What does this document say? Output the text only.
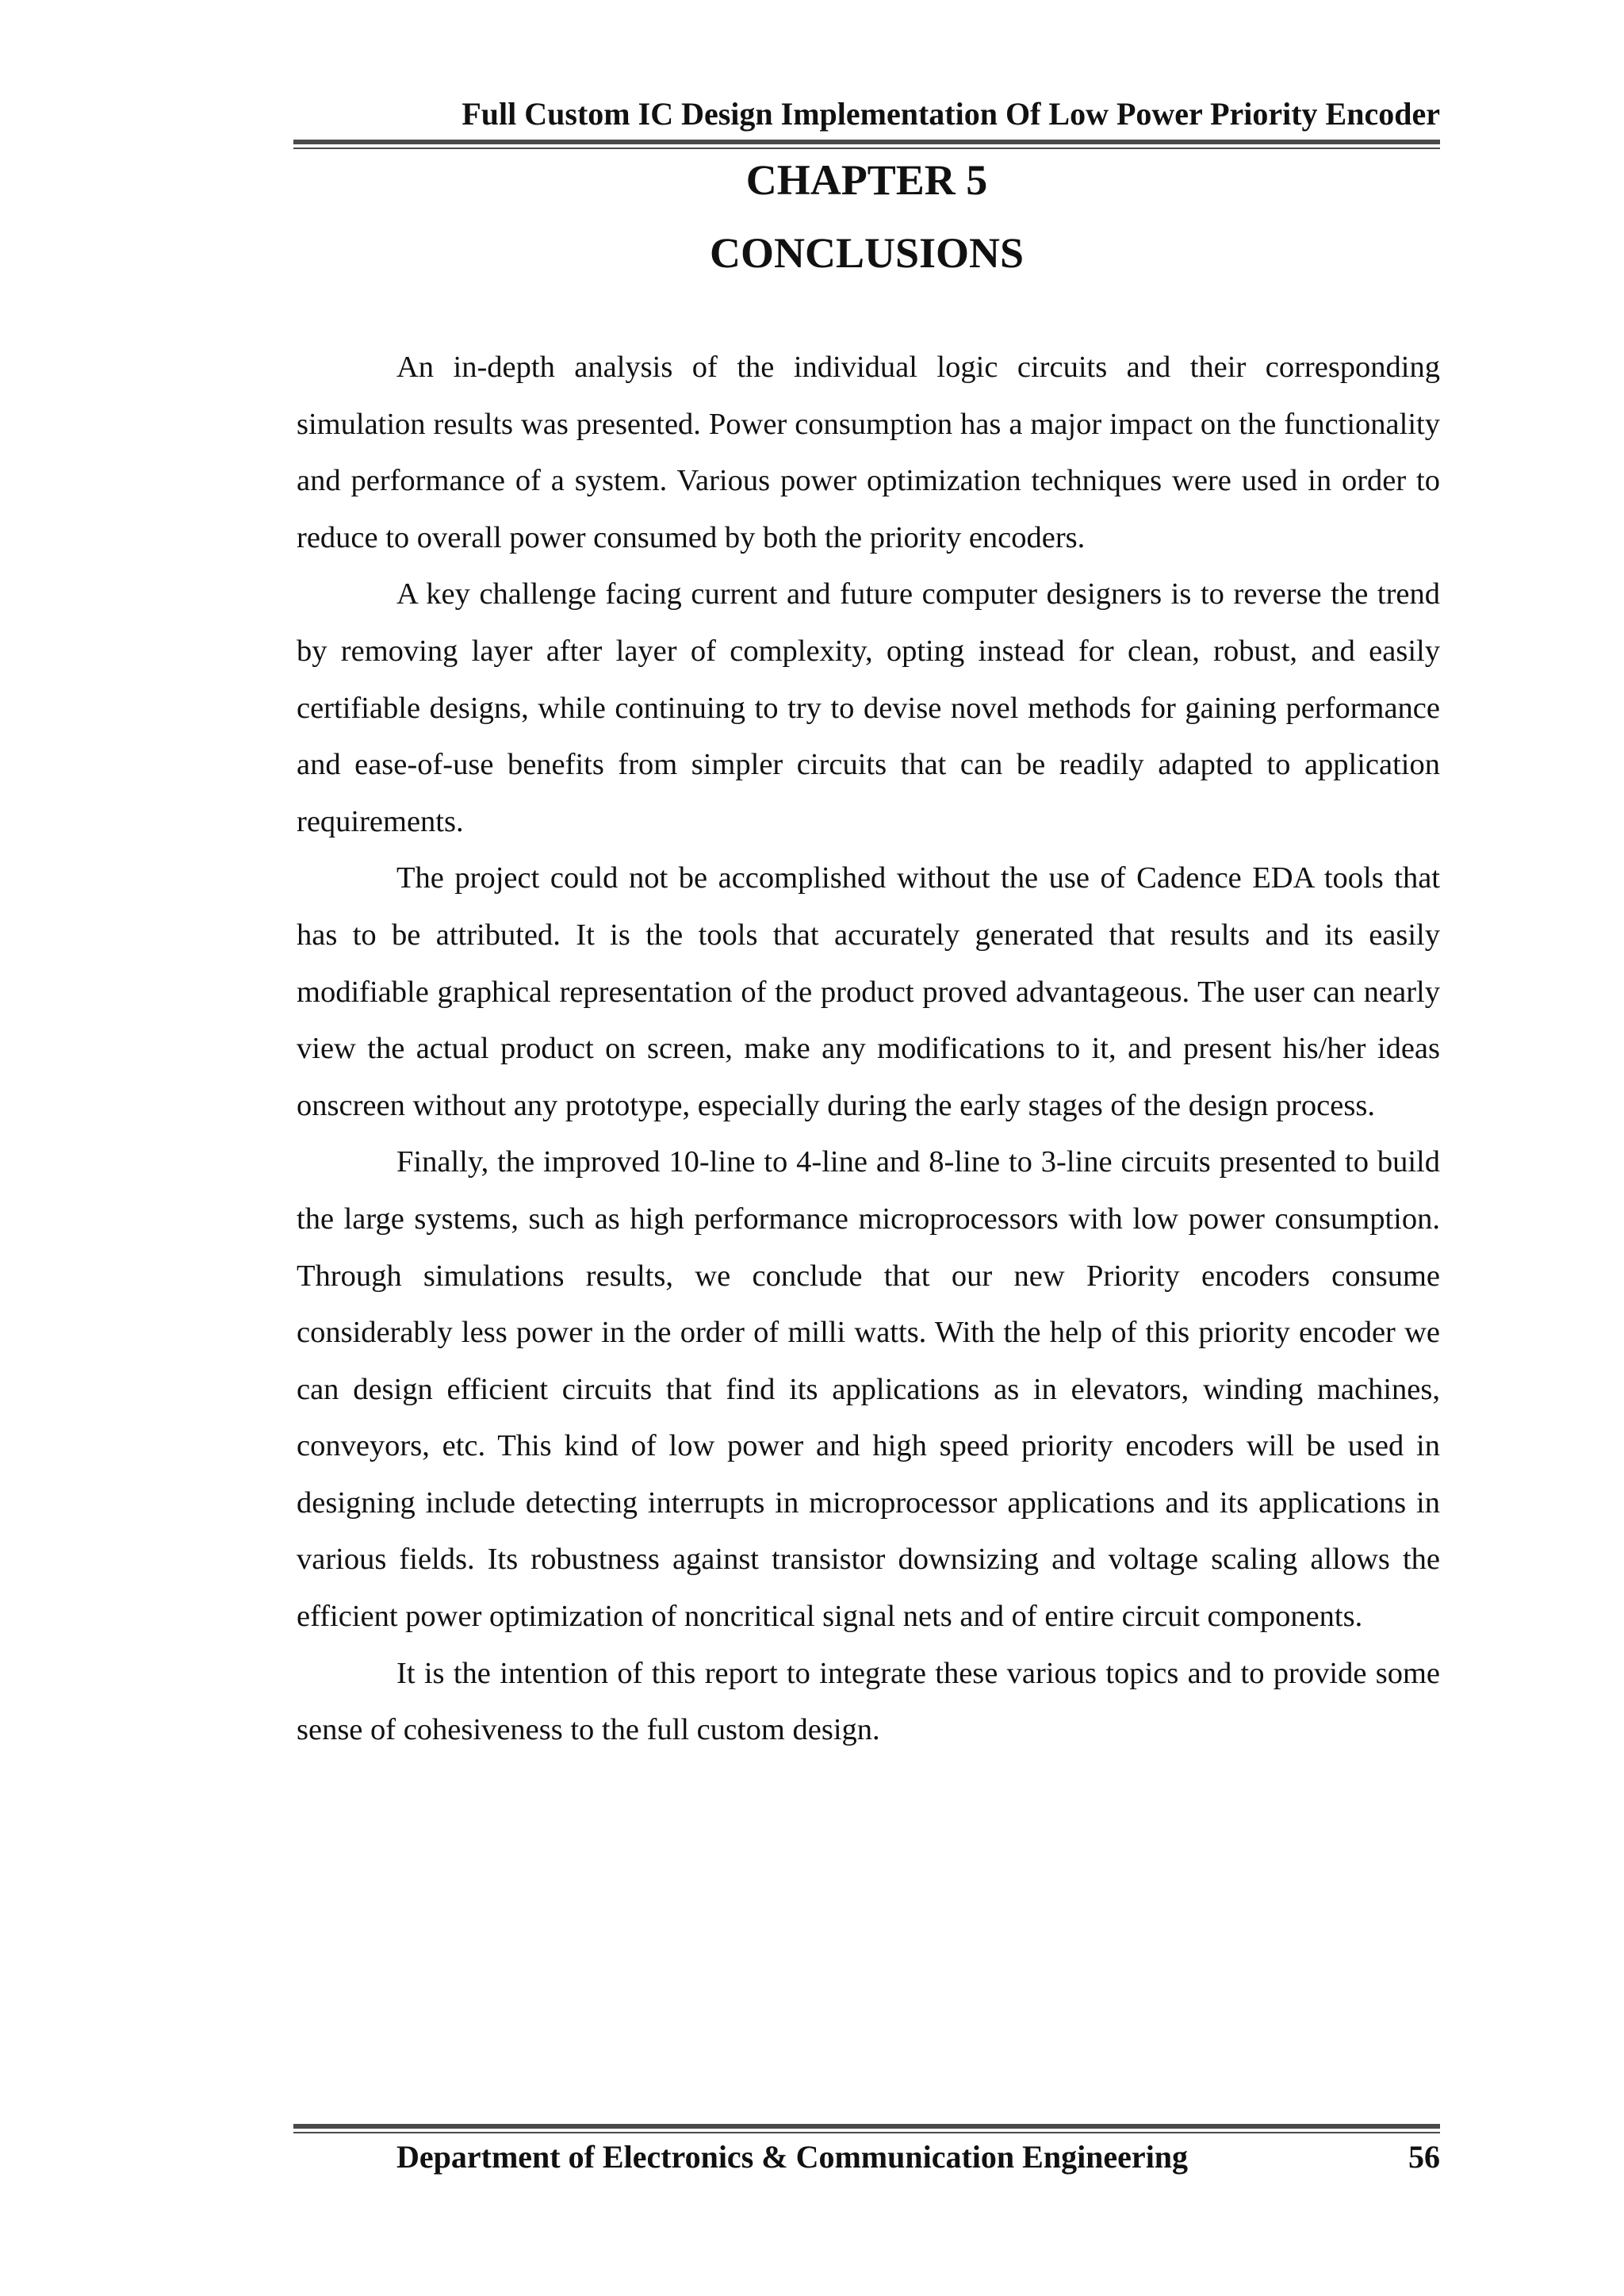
Full Custom IC Design Implementation Of Low Power Priority Encoder

CHAPTER 5
CONCLUSIONS

An in-depth analysis of the individual logic circuits and their corresponding simulation results was presented. Power consumption has a major impact on the functionality and performance of a system. Various power optimization techniques were used in order to reduce to overall power consumed by both the priority encoders.

A key challenge facing current and future computer designers is to reverse the trend by removing layer after layer of complexity, opting instead for clean, robust, and easily certifiable designs, while continuing to try to devise novel methods for gaining performance and ease-of-use benefits from simpler circuits that can be readily adapted to application requirements.

The project could not be accomplished without the use of Cadence EDA tools that has to be attributed. It is the tools that accurately generated that results and its easily modifiable graphical representation of the product proved advantageous. The user can nearly view the actual product on screen, make any modifications to it, and present his/her ideas onscreen without any prototype, especially during the early stages of the design process.

Finally, the improved 10-line to 4-line and 8-line to 3-line circuits presented to build the large systems, such as high performance microprocessors with low power consumption. Through simulations results, we conclude that our new Priority encoders consume considerably less power in the order of milli watts. With the help of this priority encoder we can design efficient circuits that find its applications as in elevators, winding machines, conveyors, etc. This kind of low power and high speed priority encoders will be used in designing include detecting interrupts in microprocessor applications and its applications in various fields. Its robustness against transistor downsizing and voltage scaling allows the efficient power optimization of noncritical signal nets and of entire circuit components.

It is the intention of this report to integrate these various topics and to provide some sense of cohesiveness to the full custom design.

Department of Electronics & Communication Engineering	56
